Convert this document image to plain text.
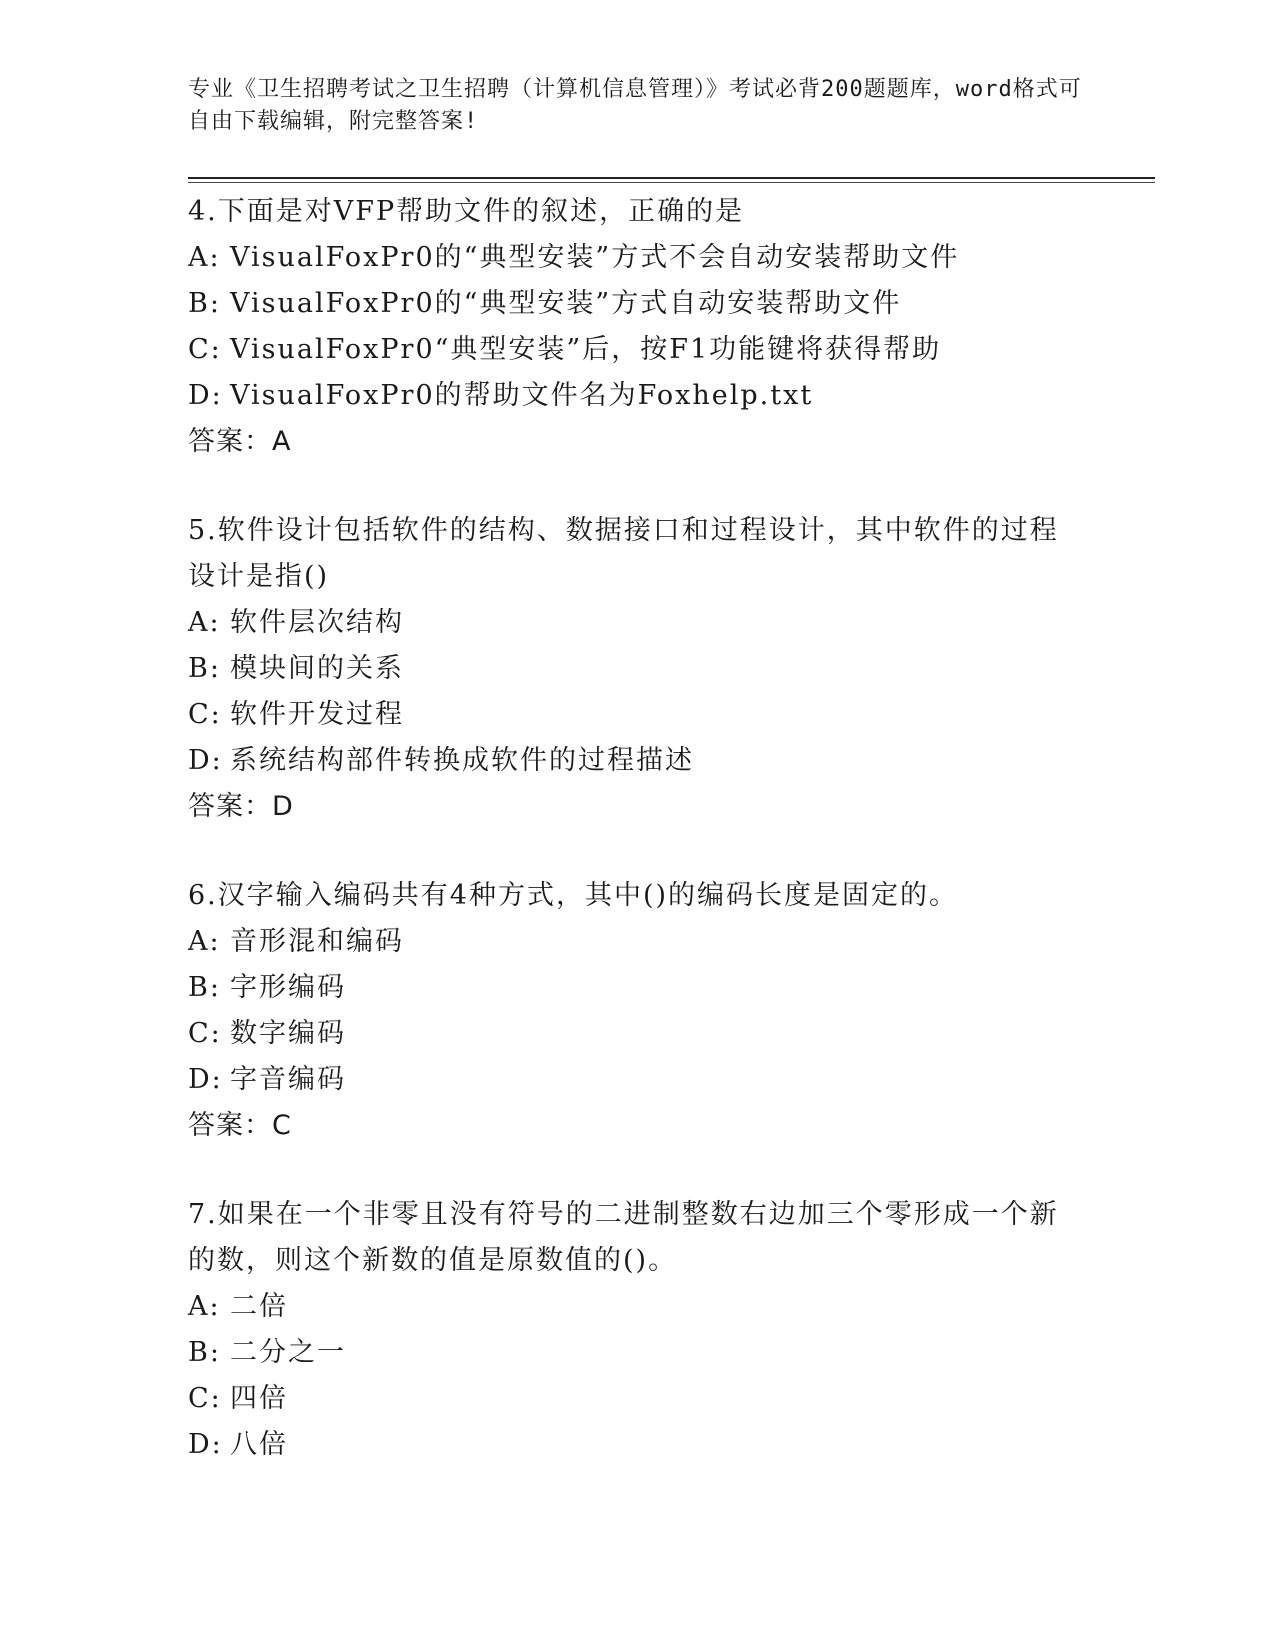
专业《卫生招聘考试之卫生招聘（计算机信息管理）》考试必背200题题库，word格式可自由下载编辑，附完整答案!
4.下面是对VFP帮助文件的叙述，正确的是
A: VisualFoxPr0的“典型安装”方式不会自动安装帮助文件
B: VisualFoxPr0的“典型安装”方式自动安装帮助文件
C: VisualFoxPr0“典型安装”后，按F1功能键将获得帮助
D: VisualFoxPr0的帮助文件名为Foxhelp.txt
答案：A
5.软件设计包括软件的结构、数据接口和过程设计，其中软件的过程设计是指()
A: 软件层次结构
B: 模块间的关系
C: 软件开发过程
D: 系统结构部件转换成软件的过程描述
答案：D
6.汉字输入编码共有4种方式，其中()的编码长度是固定的。
A: 音形混和编码
B: 字形编码
C: 数字编码
D: 字音编码
答案：C
7.如果在一个非零且没有符号的二进制整数右边加三个零形成一个新的数，则这个新数的值是原数值的()。
A: 二倍
B: 二分之一
C: 四倍
D: 八倍
